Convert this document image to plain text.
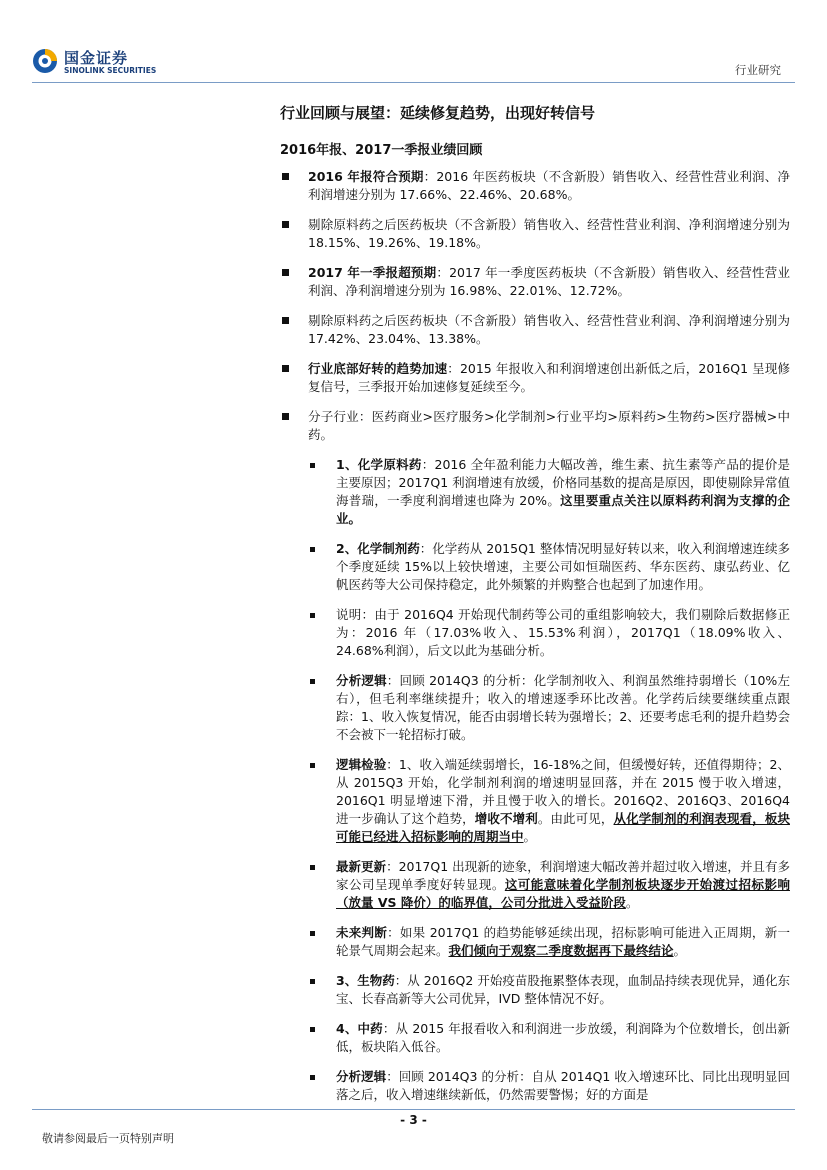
国金证券
SINOLINK SECURITIES	行业研究
行业回顾与展望：延续修复趋势，出现好转信号
2016年报、2017一季报业绩回顾
2016 年报符合预期：2016 年医药板块（不含新股）销售收入、经营性营业利润、净利润增速分别为 17.66%、22.46%、20.68%。
剔除原料药之后医药板块（不含新股）销售收入、经营性营业利润、净利润增速分别为 18.15%、19.26%、19.18%。
2017 年一季报超预期：2017 年一季度医药板块（不含新股）销售收入、经营性营业利润、净利润增速分别为 16.98%、22.01%、12.72%。
剔除原料药之后医药板块（不含新股）销售收入、经营性营业利润、净利润增速分别为 17.42%、23.04%、13.38%。
行业底部好转的趋势加速：2015 年报收入和利润增速创出新低之后，2016Q1 呈现修复信号，三季报开始加速修复延续至今。
分子行业：医药商业>医疗服务>化学制剂>行业平均>原料药>生物药>医疗器械>中药。
1、化学原料药：2016 全年盈利能力大幅改善，维生素、抗生素等产品的提价是主要原因；2017Q1 利润增速有放缓，价格同基数的提高是原因，即使剔除异常值海普瑞，一季度利润增速也降为 20%。这里要重点关注以原料药利润为支撑的企业。
2、化学制剂药：化学药从 2015Q1 整体情况明显好转以来，收入利润增速连续多个季度延续 15%以上较快增速，主要公司如恒瑞医药、华东医药、康弘药业、亿帆医药等大公司保持稳定，此外频繁的并购整合也起到了加速作用。
说明：由于 2016Q4 开始现代制药等公司的重组影响较大，我们剔除后数据修正为：2016 年（17.03%收入、15.53%利润），2017Q1（18.09%收入、24.68%利润），后文以此为基础分析。
分析逻辑：回顾 2014Q3 的分析：化学制剂收入、利润虽然维持弱增长（10%左右），但毛利率继续提升；收入的增速逐季环比改善。化学药后续要继续重点跟踪：1、收入恢复情况，能否由弱增长转为强增长；2、还要考虑毛利的提升趋势会不会被下一轮招标打破。
逻辑检验：1、收入端延续弱增长，16-18%之间，但缓慢好转，还值得期待；2、从 2015Q3 开始，化学制剂利润的增速明显回落，并在 2015 慢于收入增速，2016Q1 明显增速下滑，并且慢于收入的增长。2016Q2、2016Q3、2016Q4 进一步确认了这个趋势，增收不增利。由此可见，从化学制剂的利润表现看，板块可能已经进入招标影响的周期当中。
最新更新：2017Q1 出现新的迹象，利润增速大幅改善并超过收入增速，并且有多家公司呈现单季度好转显现。这可能意味着化学制剂板块逐步开始渡过招标影响（放量 VS 降价）的临界值，公司分批进入受益阶段。
未来判断：如果 2017Q1 的趋势能够延续出现，招标影响可能进入正周期，新一轮景气周期会起来。我们倾向于观察二季度数据再下最终结论。
3、生物药：从 2016Q2 开始疫苗股拖累整体表现，血制品持续表现优异，通化东宝、长春高新等大公司优异，IVD 整体情况不好。
4、中药：从 2015 年报看收入和利润进一步放缓，利润降为个位数增长，创出新低，板块陷入低谷。
分析逻辑：回顾 2014Q3 的分析：自从 2014Q1 收入增速环比、同比出现明显回落之后，收入增速继续新低，仍然需要警惕；好的方面是
- 3 -
敬请参阅最后一页特别声明
